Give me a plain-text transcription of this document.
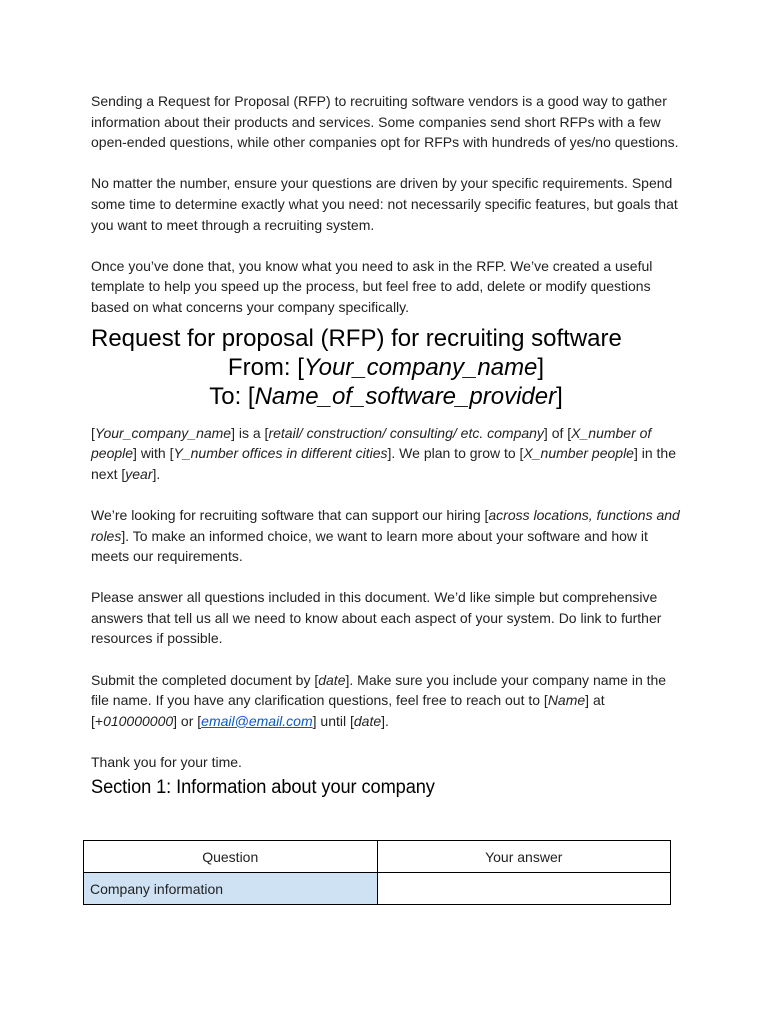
Sending a Request for Proposal (RFP) to recruiting software vendors is a good way to gather information about their products and services. Some companies send short RFPs with a few open-ended questions, while other companies opt for RFPs with hundreds of yes/no questions.

No matter the number, ensure your questions are driven by your specific requirements. Spend some time to determine exactly what you need: not necessarily specific features, but goals that you want to meet through a recruiting system.

Once you’ve done that, you know what you need to ask in the RFP. We’ve created a useful template to help you speed up the process, but feel free to add, delete or modify questions based on what concerns your company specifically.

Request for proposal (RFP) for recruiting software
From: [Your_company_name]
To: [Name_of_software_provider]

[Your_company_name] is a [retail/ construction/ consulting/ etc. company] of [X_number of people] with [Y_number offices in different cities]. We plan to grow to [X_number people] in the next [year].

We’re looking for recruiting software that can support our hiring [across locations, functions and roles]. To make an informed choice, we want to learn more about your software and how it meets our requirements.

Please answer all questions included in this document. We’d like simple but comprehensive answers that tell us all we need to know about each aspect of your system. Do link to further resources if possible.

Submit the completed document by [date]. Make sure you include your company name in the file name. If you have any clarification questions, feel free to reach out to [Name] at [+010000000] or [email@email.com] until [date].

Thank you for your time.

Section 1: Information about your company
Question	Your answer
Company information	
